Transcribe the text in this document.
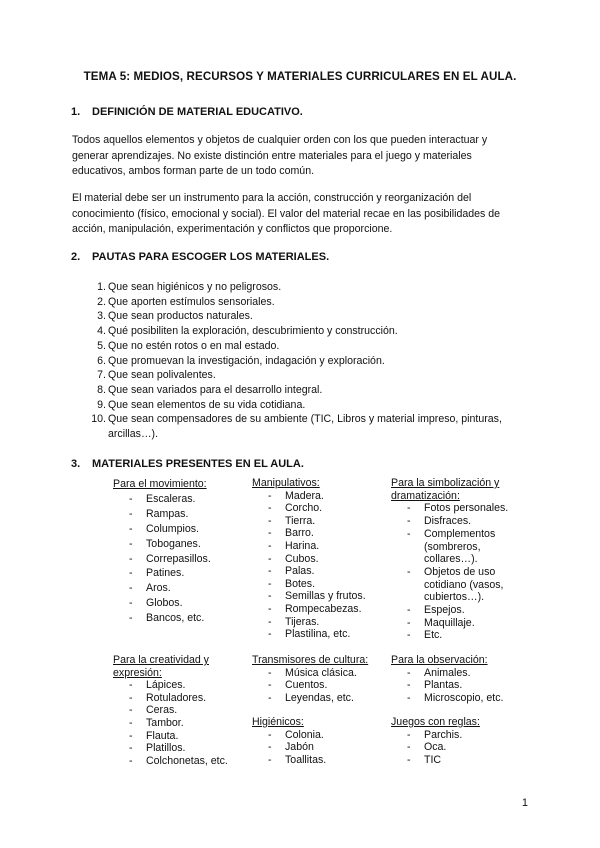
TEMA 5: MEDIOS, RECURSOS Y MATERIALES CURRICULARES EN EL AULA.
1. DEFINICIÓN DE MATERIAL EDUCATIVO.
Todos aquellos elementos y objetos de cualquier orden con los que pueden interactuar y
generar aprendizajes. No existe distinción entre materiales para el juego y materiales
educativos, ambos forman parte de un todo común.
El material debe ser un instrumento para la acción, construcción y reorganización del
conocimiento (físico, emocional y social). El valor del material recae en las posibilidades de
acción, manipulación, experimentación y conflictos que proporcione.
2. PAUTAS PARA ESCOGER LOS MATERIALES.
1. Que sean higiénicos y no peligrosos.
2. Que aporten estímulos sensoriales.
3. Que sean productos naturales.
4. Qué posibiliten la exploración, descubrimiento y construcción.
5. Que no estén rotos o en mal estado.
6. Que promuevan la investigación, indagación y exploración.
7. Que sean polivalentes.
8. Que sean variados para el desarrollo integral.
9. Que sean elementos de su vida cotidiana.
10. Que sean compensadores de su ambiente (TIC, Libros y material impreso, pinturas,
arcillas…).
3. MATERIALES PRESENTES EN EL AULA.
Para el movimiento:
- Escaleras.
- Rampas.
- Columpios.
- Toboganes.
- Correpasillos.
- Patines.
- Aros.
- Globos.
- Bancos, etc.
Manipulativos:
- Madera.
- Corcho.
- Tierra.
- Barro.
- Harina.
- Cubos.
- Palas.
- Botes.
- Semillas y frutos.
- Rompecabezas.
- Tijeras.
- Plastilina, etc.
Para la simbolización y
dramatización:
- Fotos personales.
- Disfraces.
- Complementos
(sombreros,
collares…).
- Objetos de uso
cotidiano (vasos,
cubiertos…).
- Espejos.
- Maquillaje.
- Etc.
Para la creatividad y
expresión:
- Lápices.
- Rotuladores.
- Ceras.
- Tambor.
- Flauta.
- Platillos.
- Colchonetas, etc.
Transmisores de cultura:
- Música clásica.
- Cuentos.
- Leyendas, etc.
Higiénicos:
- Colonia.
- Jabón
- Toallitas.
Para la observación:
- Animales.
- Plantas.
- Microscopio, etc.
Juegos con reglas:
- Parchis.
- Oca.
- TIC
1
